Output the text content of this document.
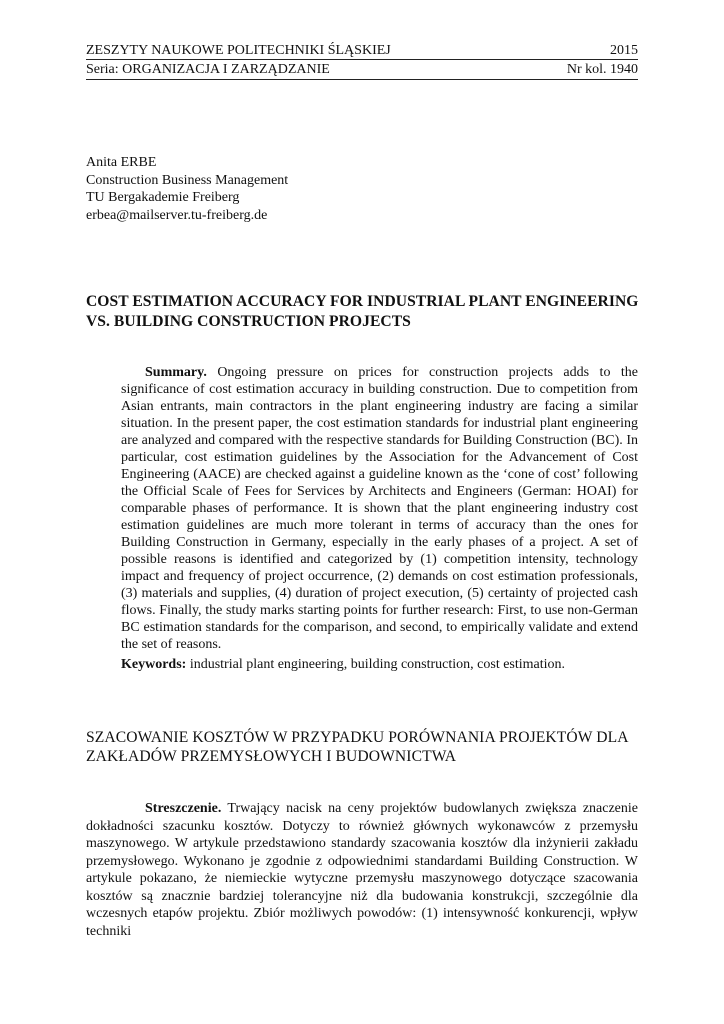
ZESZYTY NAUKOWE POLITECHNIKI ŚLĄSKIEJ	2015
Seria: ORGANIZACJA I ZARZĄDZANIE	Nr kol. 1940
Anita ERBE
Construction Business Management
TU Bergakademie Freiberg
erbea@mailserver.tu-freiberg.de
COST ESTIMATION ACCURACY FOR INDUSTRIAL PLANT ENGINEERING VS. BUILDING CONSTRUCTION PROJECTS

Summary. Ongoing pressure on prices for construction projects adds to the significance of cost estimation accuracy in building construction. Due to competition from Asian entrants, main contractors in the plant engineering industry are facing a similar situation. In the present paper, the cost estimation standards for industrial plant engineering are analyzed and compared with the respective standards for Building Construction (BC). In particular, cost estimation guidelines by the Association for the Advancement of Cost Engineering (AACE) are checked against a guideline known as the ‘cone of cost’ following the Official Scale of Fees for Services by Architects and Engineers (German: HOAI) for comparable phases of performance. It is shown that the plant engineering industry cost estimation guidelines are much more tolerant in terms of accuracy than the ones for Building Construction in Germany, especially in the early phases of a project. A set of possible reasons is identified and categorized by (1) competition intensity, technology impact and frequency of project occurrence, (2) demands on cost estimation professionals, (3) materials and supplies, (4) duration of project execution, (5) certainty of projected cash flows. Finally, the study marks starting points for further research: First, to use non-German BC estimation standards for the comparison, and second, to empirically validate and extend the set of reasons.

Keywords: industrial plant engineering, building construction, cost estimation.
SZACOWANIE KOSZTÓW W PRZYPADKU PORÓWNANIA PROJEKTÓW DLA ZAKŁADÓW PRZEMYSŁOWYCH I BUDOWNICTWA

Streszczenie. Trwający nacisk na ceny projektów budowlanych zwiększa znaczenie dokładności szacunku kosztów. Dotyczy to również głównych wykonawców z przemysłu maszynowego. W artykule przedstawiono standardy szacowania kosztów dla inżynierii zakładu przemysłowego. Wykonano je zgodnie z odpowiednimi standardami Building Construction. W artykule pokazano, że niemieckie wytyczne przemysłu maszynowego dotyczące szacowania kosztów są znacznie bardziej tolerancyjne niż dla budowania konstrukcji, szczególnie dla wczesnych etapów projektu. Zbiór możliwych powodów: (1) intensywność konkurencji, wpływ techniki
